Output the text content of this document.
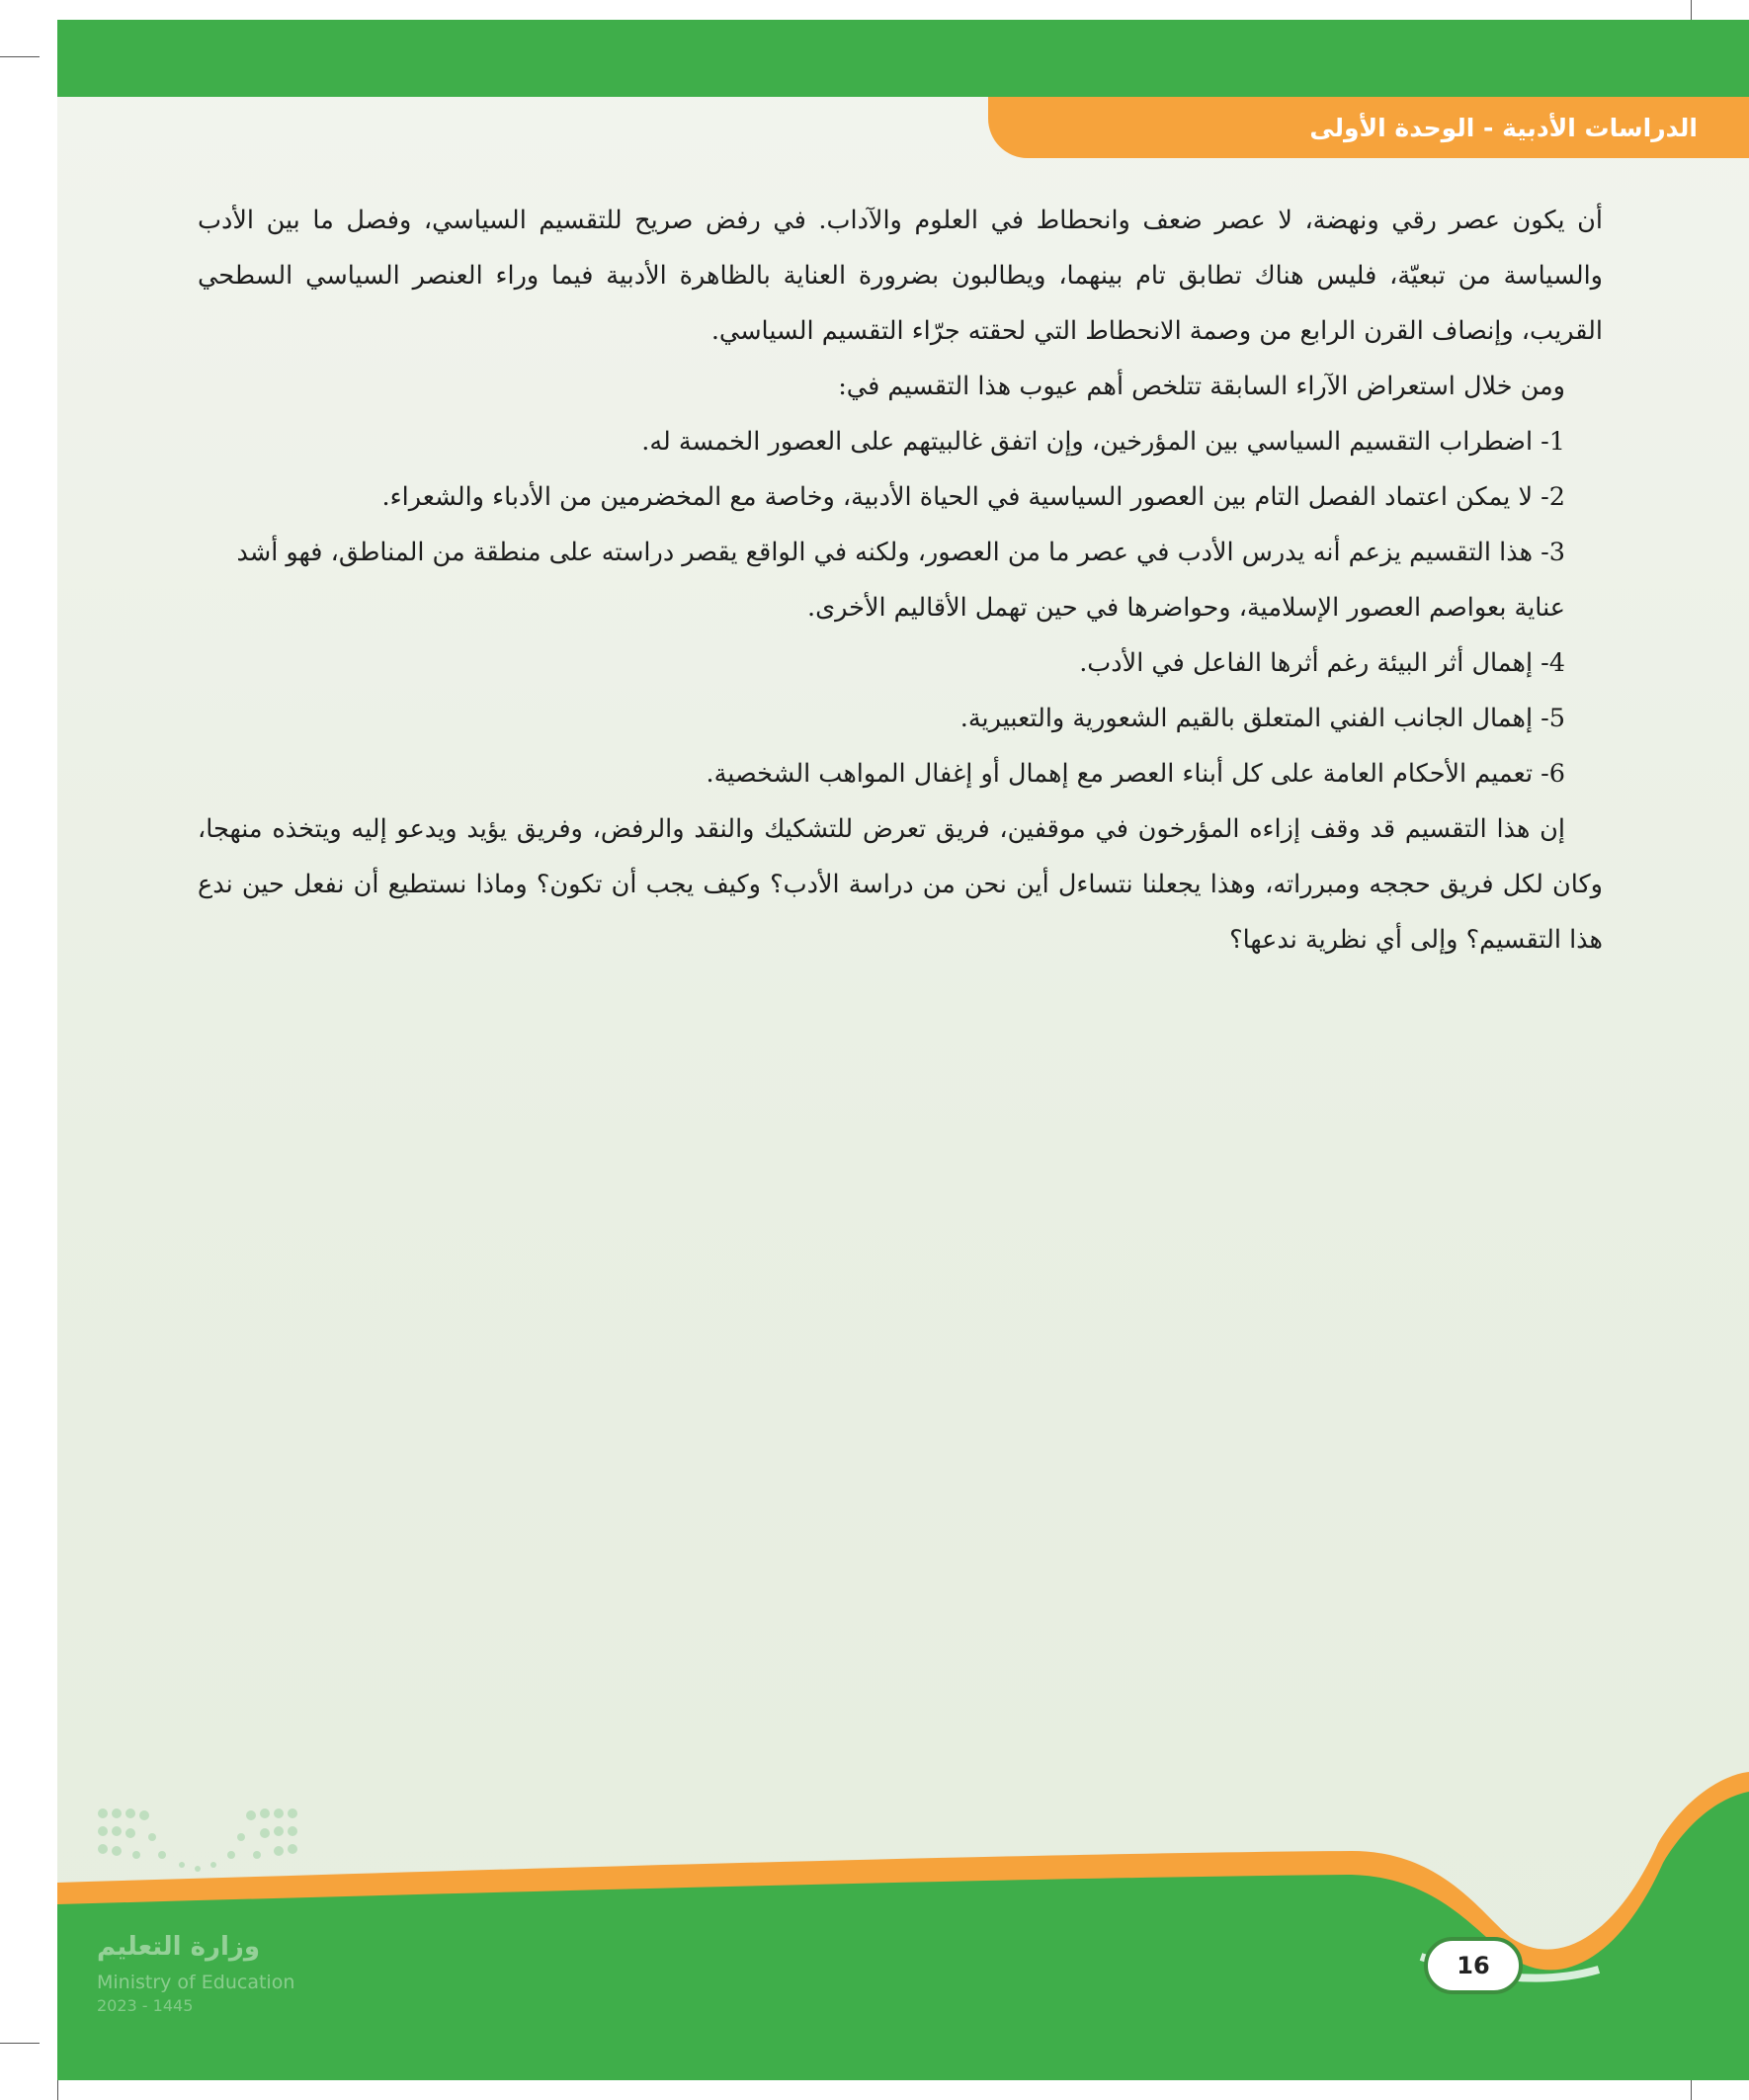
الدراسات الأدبية - الوحدة الأولى

أن يكون عصر رقي ونهضة، لا عصر ضعف وانحطاط في العلوم والآداب. في رفض صريح للتقسيم السياسي، وفصل ما بين الأدب والسياسة من تبعيّة، فليس هناك تطابق تام بينهما، ويطالبون بضرورة العناية بالظاهرة الأدبية فيما وراء العنصر السياسي السطحي القريب، وإنصاف القرن الرابع من وصمة الانحطاط التي لحقته جرّاء التقسيم السياسي.

ومن خلال استعراض الآراء السابقة تتلخص أهم عيوب هذا التقسيم في:

1- اضطراب التقسيم السياسي بين المؤرخين، وإن اتفق غالبيتهم على العصور الخمسة له.

2- لا يمكن اعتماد الفصل التام بين العصور السياسية في الحياة الأدبية، وخاصة مع المخضرمين من الأدباء والشعراء.

3- هذا التقسيم يزعم أنه يدرس الأدب في عصر ما من العصور، ولكنه في الواقع يقصر دراسته على منطقة من المناطق، فهو أشد عناية بعواصم العصور الإسلامية، وحواضرها في حين تهمل الأقاليم الأخرى.

4- إهمال أثر البيئة رغم أثرها الفاعل في الأدب.

5- إهمال الجانب الفني المتعلق بالقيم الشعورية والتعبيرية.

6- تعميم الأحكام العامة على كل أبناء العصر مع إهمال أو إغفال المواهب الشخصية.

إن هذا التقسيم قد وقف إزاءه المؤرخون في موقفين، فريق تعرض للتشكيك والنقد والرفض، وفريق يؤيد ويدعو إليه ويتخذه منهجا، وكان لكل فريق حججه ومبرراته، وهذا يجعلنا نتساءل أين نحن من دراسة الأدب؟ وكيف يجب أن تكون؟ وماذا نستطيع أن نفعل حين ندع هذا التقسيم؟ وإلى أي نظرية ندعها؟

وزارة التعليم
Ministry of Education
2023 - 1445
16
